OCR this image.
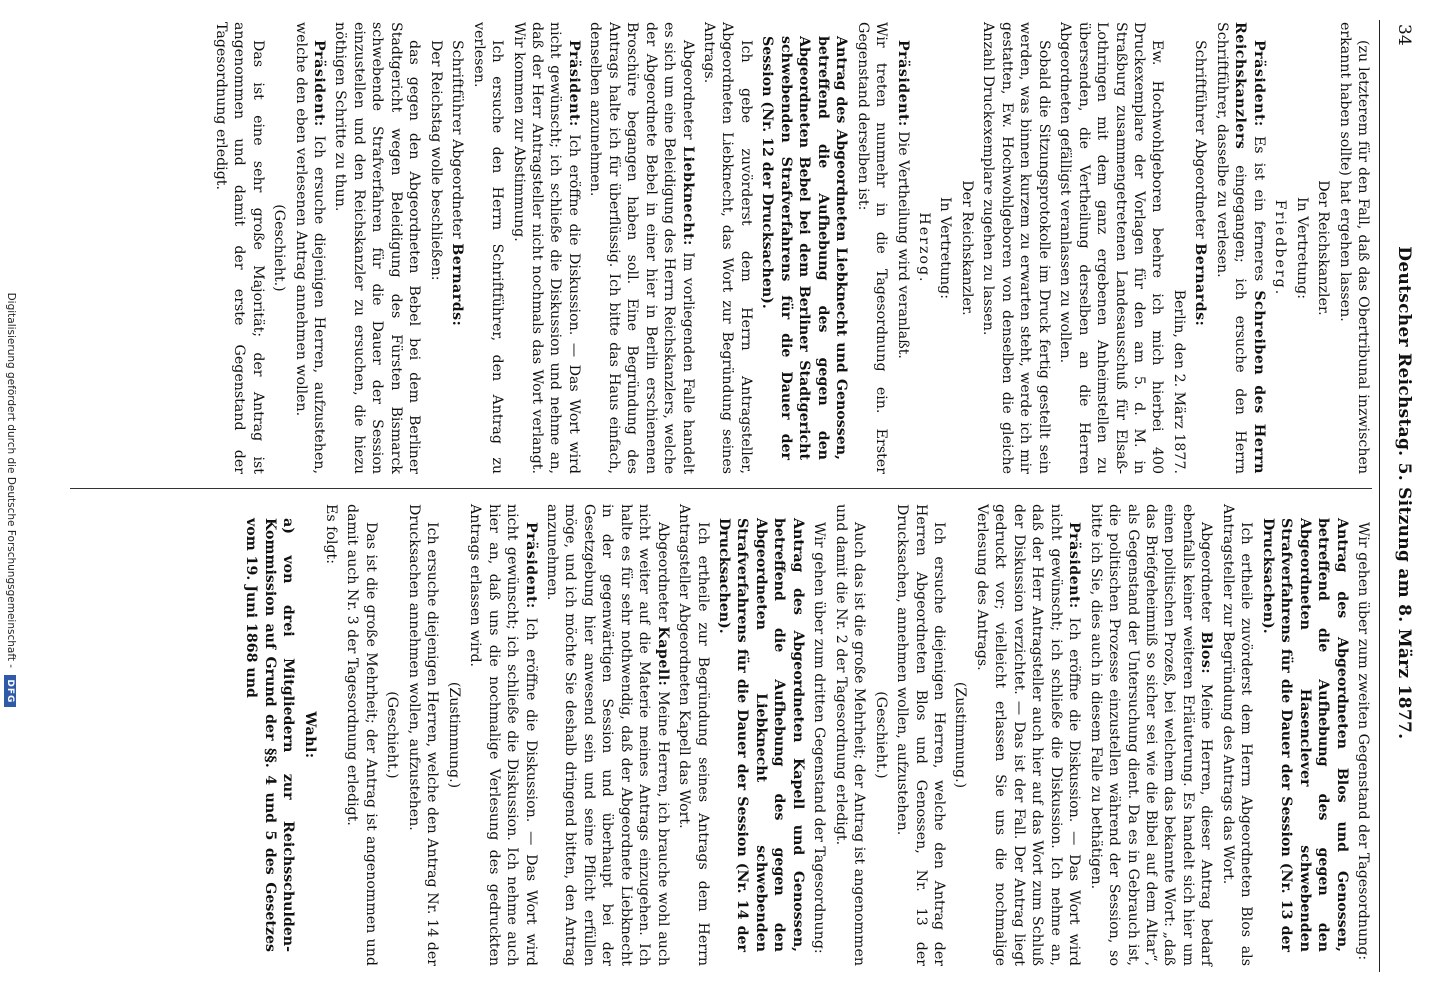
34
Deutscher Reichstag. 5. Sitzung am 8. März 1877.

(zu letzterem für den Fall, daß das Obertribunal inzwischen erkannt haben sollte) hat ergehen lassen.

Der Reichskanzler.

In Vertretung:

Friedberg.

Präsident: Es ist ein ferneres Schreiben des Herrn Reichskanzlers eingegangen; ich ersuche den Herrn Schriftführer, dasselbe zu verlesen.

Schriftführer Abgeordneter Bernards:

Berlin, den 2. März 1877.

Ew. Hochwohlgeboren beehre ich mich hierbei 400 Druckexemplare der Vorlagen für den am 5. d. M. in Straßburg zusammengetretenen Landesausschuß für Elsaß-Lothringen mit dem ganz ergebenen Anheimstellen zu übersenden, die Vertheilung derselben an die Herren Abgeordneten gefälligst veranlassen zu wollen.

Sobald die Sitzungsprotokolle im Druck fertig gestellt sein werden, was binnen kurzem zu erwarten steht, werde ich mir gestatten, Ew. Hochwohlgeboren von denselben die gleiche Anzahl Druckexemplare zugehen zu lassen.

Der Reichskanzler.

In Vertretung:

Herzog.

Präsident: Die Vertheilung wird veranlaßt.

Wir treten nunmehr in die Tagesordnung ein. Erster Gegenstand derselben ist:

Antrag des Abgeordneten Liebknecht und Genossen, betreffend die Aufhebung des gegen den Abgeordneten Bebel bei dem Berliner Stadtgericht schwebenden Strafverfahrens für die Dauer der Session (Nr. 12 der Drucksachen).

Ich gebe zuvörderst dem Herrn Antragsteller, Abgeordneten Liebknecht, das Wort zur Begründung seines Antrags.

Abgeordneter Liebknecht: Im vorliegenden Falle handelt es sich um eine Beleidigung des Herrn Reichskanzlers, welche der Abgeordnete Bebel in einer hier in Berlin erschienenen Broschüre begangen haben soll. Eine Begründung des Antrags halte ich für überflüssig. Ich bitte das Haus einfach, denselben anzunehmen.

Präsident: Ich eröffne die Diskussion. — Das Wort wird nicht gewünscht; ich schließe die Diskussion und nehme an, daß der Herr Antragsteller nicht nochmals das Wort verlangt. Wir kommen zur Abstimmung.

Ich ersuche den Herrn Schriftführer, den Antrag zu verlesen.

Schriftführer Abgeordneter Bernards:

Der Reichstag wolle beschließen:

das gegen den Abgeordneten Bebel bei dem Berliner Stadtgericht wegen Beleidigung des Fürsten Bismarck schwebende Strafverfahren für die Dauer der Session einzustellen und den Reichskanzler zu ersuchen, die hiezu nöthigen Schritte zu thun.

Präsident: Ich ersuche diejenigen Herren, aufzustehen, welche den eben verlesenen Antrag annehmen wollen.

(Geschieht.)

Das ist eine sehr große Majorität; der Antrag ist angenommen und damit der erste Gegenstand der Tagesordnung erledigt.

Wir gehen über zum zweiten Gegenstand der Tagesordnung:

Antrag des Abgeordneten Blos und Genossen, betreffend die Aufhebung des gegen den Abgeordneten Hasenclever schwebenden Strafverfahrens für die Dauer der Session (Nr. 13 der Drucksachen).

Ich ertheile zuvörderst dem Herrn Abgeordneten Blos als Antragsteller zur Begründung des Antrags das Wort.

Abgeordneter Blos: Meine Herren, dieser Antrag bedarf ebenfalls keiner weiteren Erläuterung. Es handelt sich hier um einen politischen Prozeß, bei welchem das bekannte Wort: „daß das Briefgeheimniß so sicher sei wie die Bibel auf dem Altar“, als Gegenstand der Untersuchung dient. Da es in Gebrauch ist, die politischen Prozesse einzustellen während der Session, so bitte ich Sie, dies auch in diesem Falle zu bethätigen.

Präsident: Ich eröffne die Diskussion. — Das Wort wird nicht gewünscht; ich schließe die Diskussion. Ich nehme an, daß der Herr Antragsteller auch hier auf das Wort zum Schluß der Diskussion verzichtet. — Das ist der Fall. Der Antrag liegt gedruckt vor; vielleicht erlassen Sie uns die nochmalige Verlesung des Antrags.

(Zustimmung.)

Ich ersuche diejenigen Herren, welche den Antrag der Herren Abgeordneten Blos und Genossen, Nr. 13 der Drucksachen, annehmen wollen, aufzustehen.

(Geschieht.)

Auch das ist die große Mehrheit; der Antrag ist angenommen und damit die Nr. 2 der Tagesordnung erledigt.

Wir gehen über zum dritten Gegenstand der Tagesordnung:

Antrag des Abgeordneten Kapell und Genossen, betreffend die Aufhebung des gegen den Abgeordneten Liebknecht schwebenden Strafverfahrens für die Dauer der Session (Nr. 14 der Drucksachen).

Ich ertheile zur Begründung seines Antrags dem Herrn Antragsteller Abgeordneten Kapell das Wort.

Abgeordneter Kapell: Meine Herren, ich brauche wohl auch nicht weiter auf die Materie meines Antrags einzugehen. Ich halte es für sehr nothwendig, daß der Abgeordnete Liebknecht in der gegenwärtigen Session und überhaupt bei der Gesetzgebung hier anwesend sein und seine Pflicht erfüllen möge, und ich möchte Sie deshalb dringend bitten, den Antrag anzunehmen.

Präsident: Ich eröffne die Diskussion. — Das Wort wird nicht gewünscht; ich schließe die Diskussion. Ich nehme auch hier an, daß uns die nochmalige Verlesung des gedruckten Antrags erlassen wird.

(Zustimmung.)

Ich ersuche diejenigen Herren, welche den Antrag Nr. 14 der Drucksachen annehmen wollen, aufzustehen.

(Geschieht.)

Das ist die große Mehrheit; der Antrag ist angenommen und damit auch Nr. 3 der Tagesordnung erledigt.

Es folgt:

Wahl:

a) von drei Mitgliedern zur Reichsschulden-Kommission auf Grund der §§. 4 und 5 des Gesetzes vom 19. Juni 1868 und

Digitalisierung gefördert durch die Deutsche Forschungsgemeinschaft - DFG
